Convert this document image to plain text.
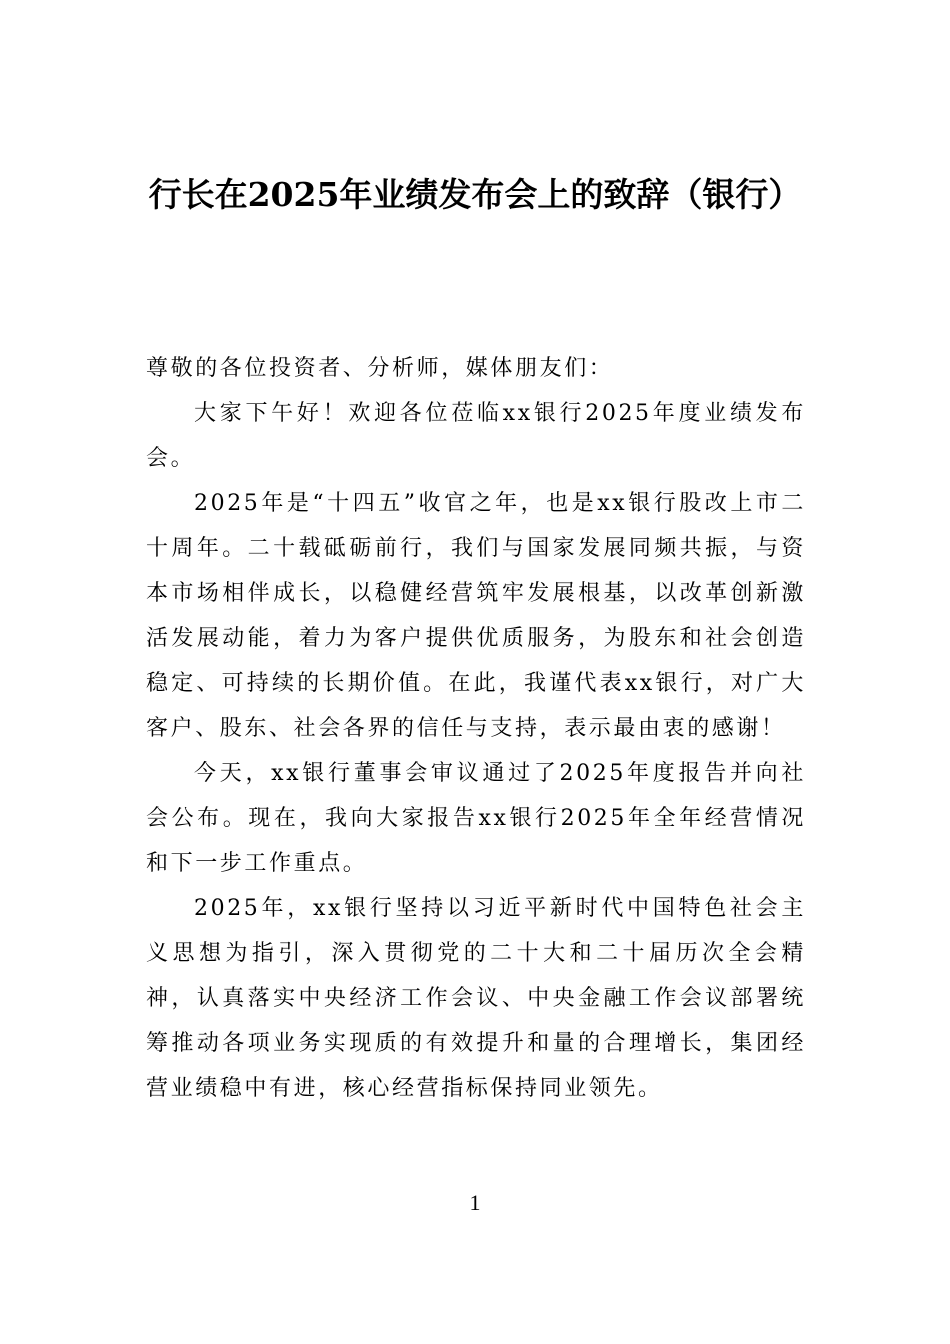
行长在2025年业绩发布会上的致辞（银行）

尊敬的各位投资者、分析师，媒体朋友们：

大家下午好！欢迎各位莅临xx银行2025年度业绩发布会。

2025年是“十四五”收官之年，也是xx银行股改上市二十周年。二十载砥砺前行，我们与国家发展同频共振，与资本市场相伴成长，以稳健经营筑牢发展根基，以改革创新激活发展动能，着力为客户提供优质服务，为股东和社会创造稳定、可持续的长期价值。在此，我谨代表xx银行，对广大客户、股东、社会各界的信任与支持，表示最由衷的感谢！

今天，xx银行董事会审议通过了2025年度报告并向社会公布。现在，我向大家报告xx银行2025年全年经营情况和下一步工作重点。

2025年，xx银行坚持以习近平新时代中国特色社会主义思想为指引，深入贯彻党的二十大和二十届历次全会精神，认真落实中央经济工作会议、中央金融工作会议部署统筹推动各项业务实现质的有效提升和量的合理增长，集团经营业绩稳中有进，核心经营指标保持同业领先。

1
